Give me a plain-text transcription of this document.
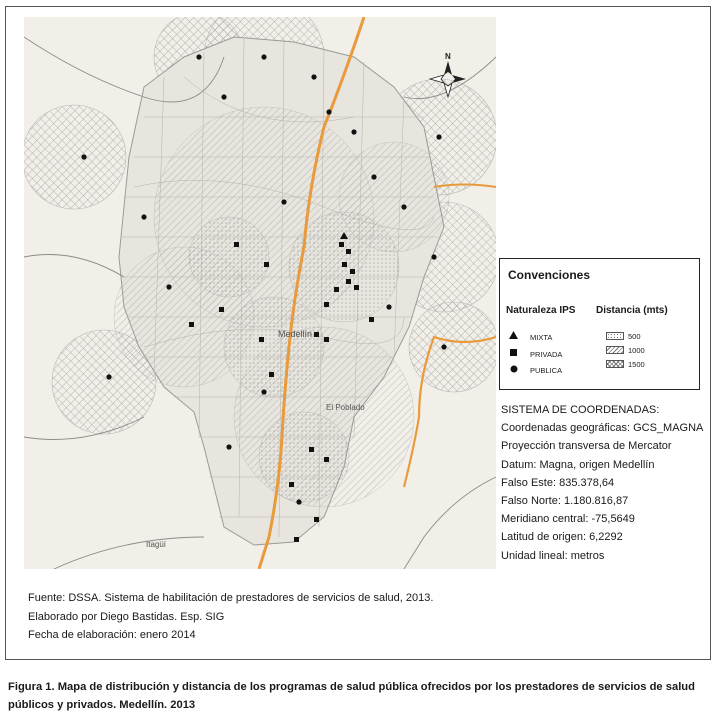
Medellín
El Poblado
Itagüí
N
Convenciones
Naturaleza IPS Distancia (mts)
MIXTA
PRIVADA
PUBLICA
500
1000
1500
SISTEMA DE COORDENADAS:
Coordenadas geográficas: GCS_MAGNA
Proyección transversa de Mercator
Datum: Magna, origen Medellín
Falso Este: 835.378,64
Falso Norte: 1.180.816,87
Meridiano central: -75,5649
Latitud de origen: 6,2292
Unidad lineal: metros
Fuente: DSSA. Sistema de habilitación de prestadores de servicios de salud, 2013.
Elaborado por Diego Bastidas. Esp. SIG
Fecha de elaboración: enero 2014
Figura 1. Mapa de distribución y distancia de los programas de salud pública ofrecidos por los prestadores de servicios de salud públicos y privados. Medellín. 2013
